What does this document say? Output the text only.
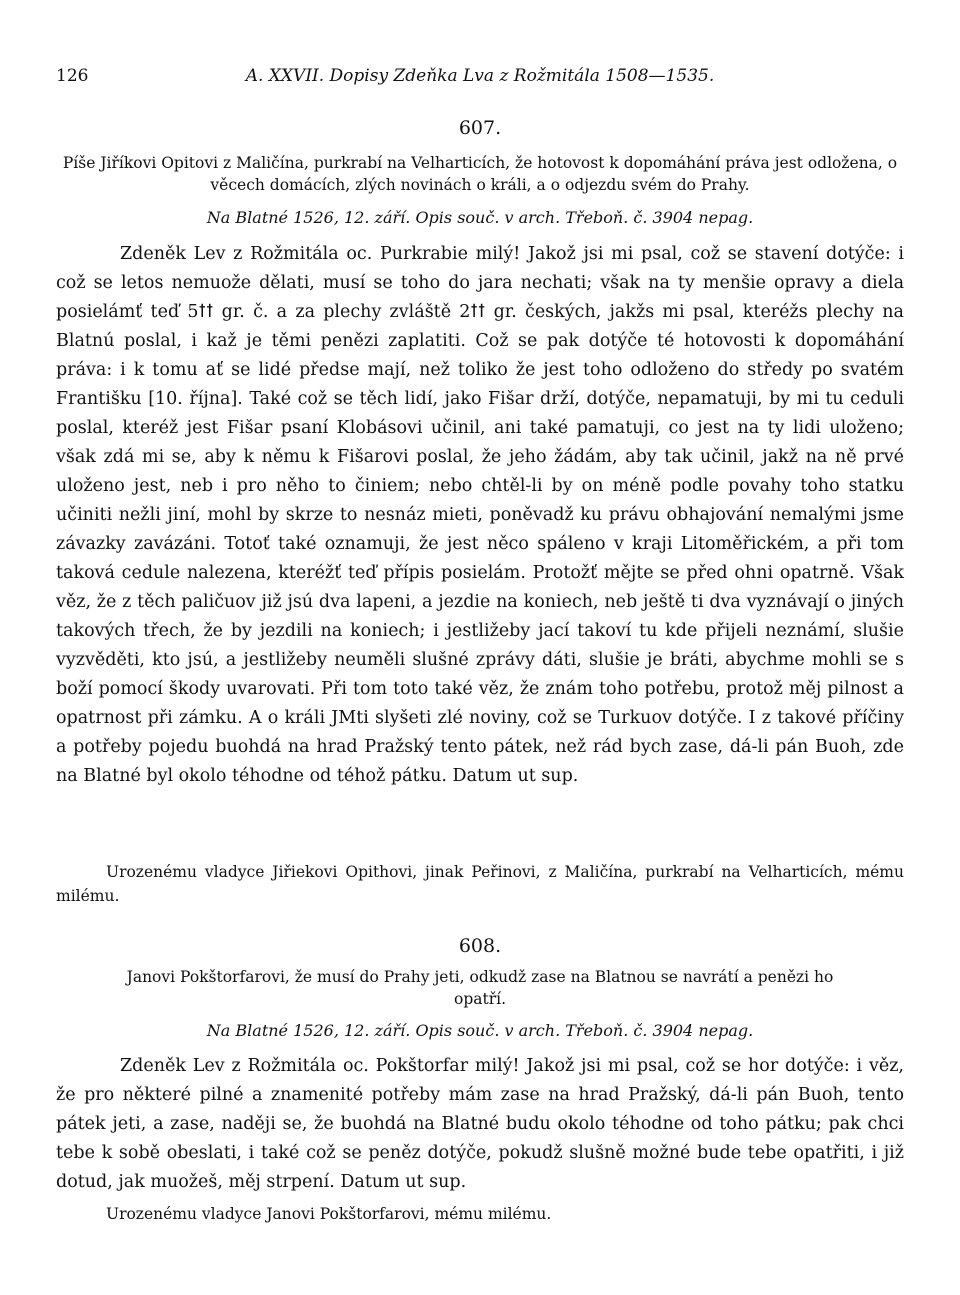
126	A. XXVII. Dopisy Zdeňka Lva z Rožmitála 1508—1535.
607.
Píše Jiříkovi Opitovi z Maličína, purkrabí na Velharticích, že hotovost k dopomáhání práva jest odložena, o věcech domácích, zlých novinách o králi, a o odjezdu svém do Prahy.
Na Blatné 1526, 12. září. Opis souč. v arch. Třeboň. č. 3904 nepag.

Zdeněk Lev z Rožmitála oc. Purkrabie milý! Jakož jsi mi psal, což se stavení dotýče: i což se letos nemuože dělati, musí se toho do jara nechati; však na ty menšie opravy a diela posielámť teď 5ꝉꝉ gr. č. a za plechy zvláště 2ꝉꝉ gr. českých, jakžs mi psal, kteréžs plechy na Blatnú poslal, i kaž je těmi penězi zaplatiti. Což se pak dotýče té hotovosti k dopomáhání práva: i k tomu ať se lidé předse mají, než toliko že jest toho odloženo do středy po svatém Františku [10. října]. Také což se těch lidí, jako Fišar drží, dotýče, nepamatuji, by mi tu ceduli poslal, kteréž jest Fišar psaní Klobásovi učinil, ani také pamatuji, co jest na ty lidi uloženo; však zdá mi se, aby k němu k Fišarovi poslal, že jeho žádám, aby tak učinil, jakž na ně prvé uloženo jest, neb i pro něho to činiem; nebo chtěl-li by on méně podle povahy toho statku učiniti nežli jiní, mohl by skrze to nesnáz mieti, poněvadž ku právu obhajování nemalými jsme závazky zavázáni. Totoť také oznamuji, že jest něco spáleno v kraji Litoměřickém, a při tom taková cedule nalezena, kteréžť teď přípis posielám. Protožť mějte se před ohni opatrně. Však věz, že z těch paličuov již jsú dva lapeni, a jezdie na koniech, neb ještě ti dva vyznávají o jiných takových třech, že by jezdili na koniech; i jestližeby jací takoví tu kde přijeli neznámí, slušie vyzvěděti, kto jsú, a jestližeby neuměli slušné zprávy dáti, slušie je bráti, abychme mohli se s boží pomocí škody uvarovati. Při tom toto také věz, že znám toho potřebu, protož měj pilnost a opatrnost při zámku. A o králi JMti slyšeti zlé noviny, což se Turkuov dotýče. I z takové příčiny a potřeby pojedu buohdá na hrad Pražský tento pátek, než rád bych zase, dá-li pán Buoh, zde na Blatné byl okolo téhodne od téhož pátku. Datum ut sup.

Urozenému vladyce Jiřiekovi Opithovi, jinak Peřinovi, z Maličína, purkrabí na Velharticích, mému milému.
608.
Janovi Pokštorfarovi, že musí do Prahy jeti, odkudž zase na Blatnou se navrátí a penězi ho opatří.
Na Blatné 1526, 12. září. Opis souč. v arch. Třeboň. č. 3904 nepag.

Zdeněk Lev z Rožmitála oc. Pokštorfar milý! Jakož jsi mi psal, což se hor dotýče: i věz, že pro některé pilné a znamenité potřeby mám zase na hrad Pražský, dá-li pán Buoh, tento pátek jeti, a zase, naději se, že buohdá na Blatné budu okolo téhodne od toho pátku; pak chci tebe k sobě obeslati, i také což se peněz dotýče, pokudž slušně možné bude tebe opatřiti, i již dotud, jak muožeš, měj strpení. Datum ut sup.

Urozenému vladyce Janovi Pokštorfarovi, mému milému.
